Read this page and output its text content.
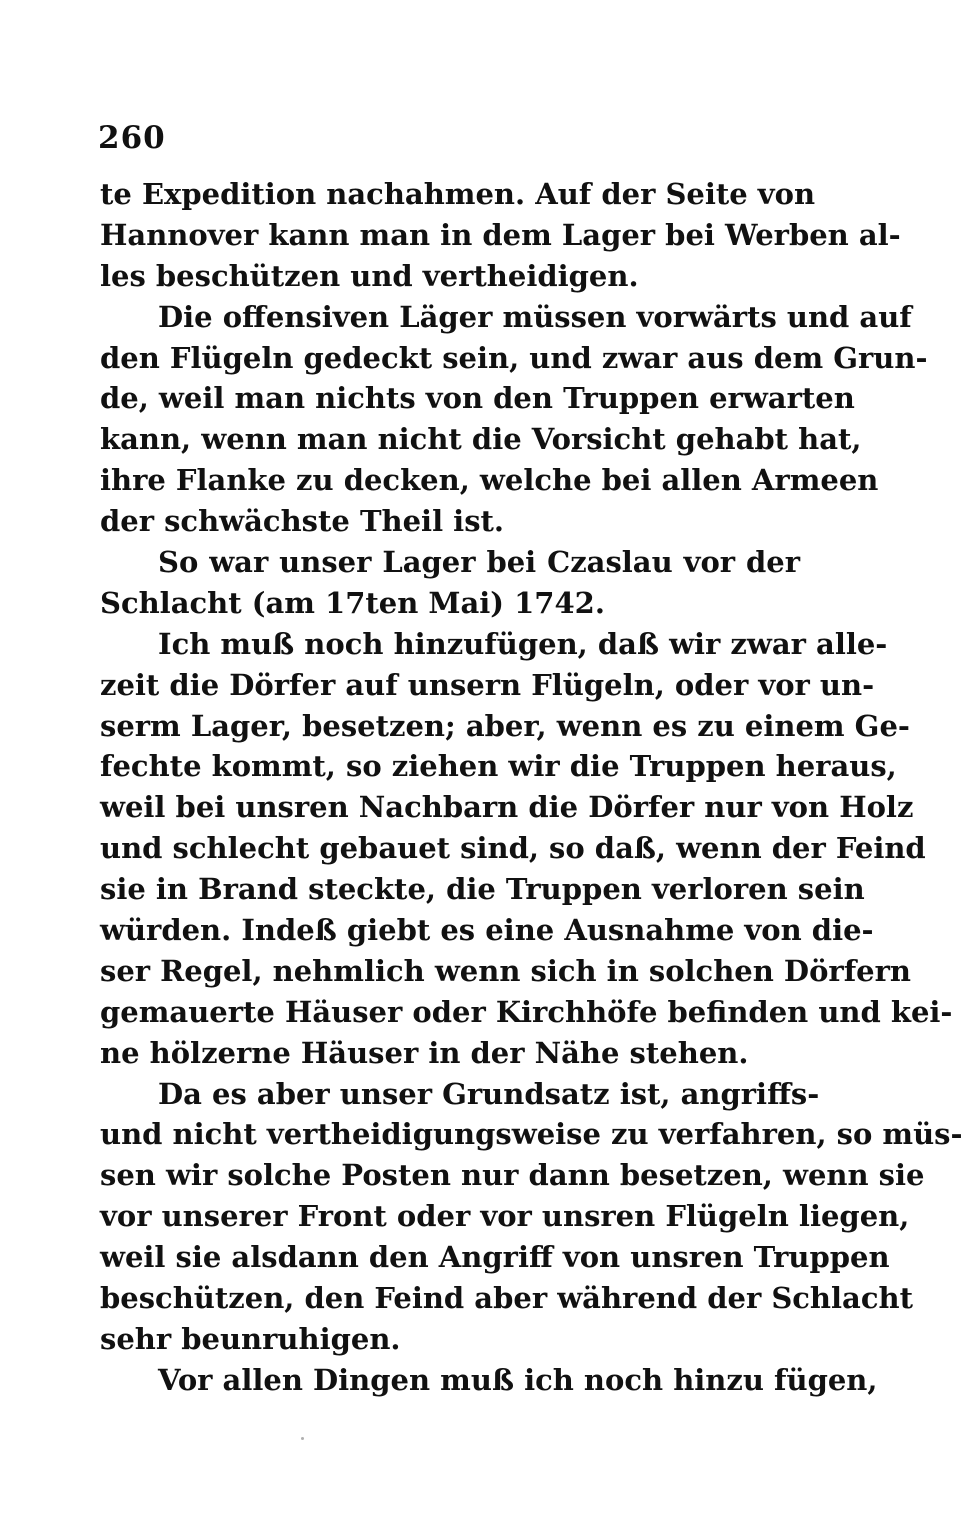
260
te Expedition nachahmen. Auf der Seite von
Hannover kann man in dem Lager bei Werben al-
les beschützen und vertheidigen.
Die offensiven Läger müssen vorwärts und auf
den Flügeln gedeckt sein, und zwar aus dem Grun-
de, weil man nichts von den Truppen erwarten
kann, wenn man nicht die Vorsicht gehabt hat,
ihre Flanke zu decken, welche bei allen Armeen
der schwächste Theil ist.
So war unser Lager bei Czaslau vor der
Schlacht (am 17ten Mai) 1742.
Ich muß noch hinzufügen, daß wir zwar alle-
zeit die Dörfer auf unsern Flügeln, oder vor un-
serm Lager, besetzen; aber, wenn es zu einem Ge-
fechte kommt, so ziehen wir die Truppen heraus,
weil bei unsren Nachbarn die Dörfer nur von Holz
und schlecht gebauet sind, so daß, wenn der Feind
sie in Brand steckte, die Truppen verloren sein
würden. Indeß giebt es eine Ausnahme von die-
ser Regel, nehmlich wenn sich in solchen Dörfern
gemauerte Häuser oder Kirchhöfe befinden und kei-
ne hölzerne Häuser in der Nähe stehen.
Da es aber unser Grundsatz ist, angriffs-
und nicht vertheidigungsweise zu verfahren, so müs-
sen wir solche Posten nur dann besetzen, wenn sie
vor unserer Front oder vor unsren Flügeln liegen,
weil sie alsdann den Angriff von unsren Truppen
beschützen, den Feind aber während der Schlacht
sehr beunruhigen.
Vor allen Dingen muß ich noch hinzu fügen,
